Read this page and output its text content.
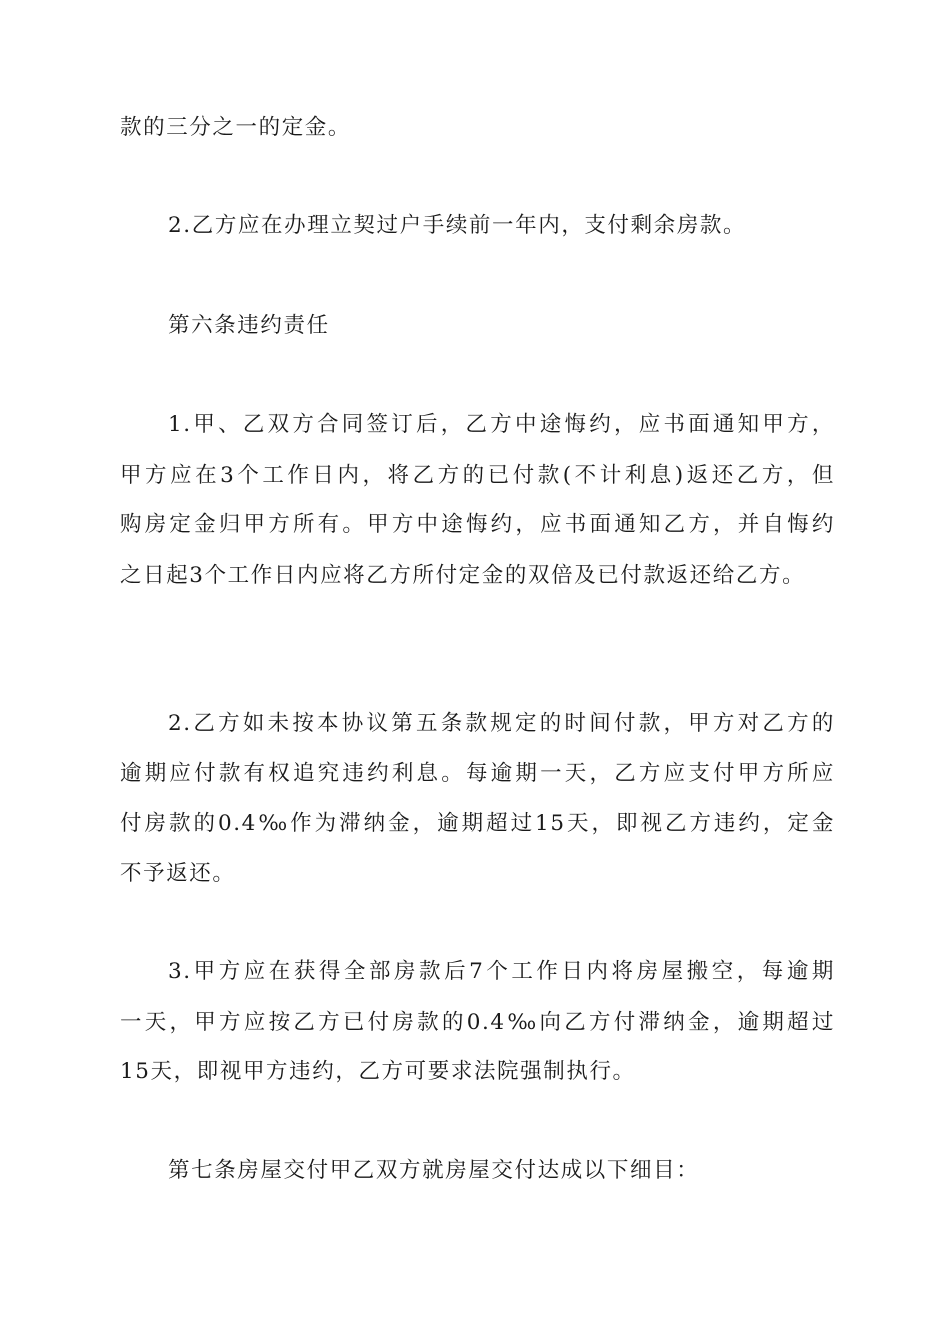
款的三分之一的定金。
2.乙方应在办理立契过户手续前一年内，支付剩余房款。
第六条违约责任
1.甲、乙双方合同签订后，乙方中途悔约，应书面通知甲方，
甲方应在3个工作日内，将乙方的已付款(不计利息)返还乙方，但
购房定金归甲方所有。甲方中途悔约，应书面通知乙方，并自悔约
之日起3个工作日内应将乙方所付定金的双倍及已付款返还给乙方。
2.乙方如未按本协议第五条款规定的时间付款，甲方对乙方的
逾期应付款有权追究违约利息。每逾期一天，乙方应支付甲方所应
付房款的0.4‰作为滞纳金，逾期超过15天，即视乙方违约，定金
不予返还。
3.甲方应在获得全部房款后7个工作日内将房屋搬空，每逾期
一天，甲方应按乙方已付房款的0.4‰向乙方付滞纳金，逾期超过
15天，即视甲方违约，乙方可要求法院强制执行。
第七条房屋交付甲乙双方就房屋交付达成以下细目：
